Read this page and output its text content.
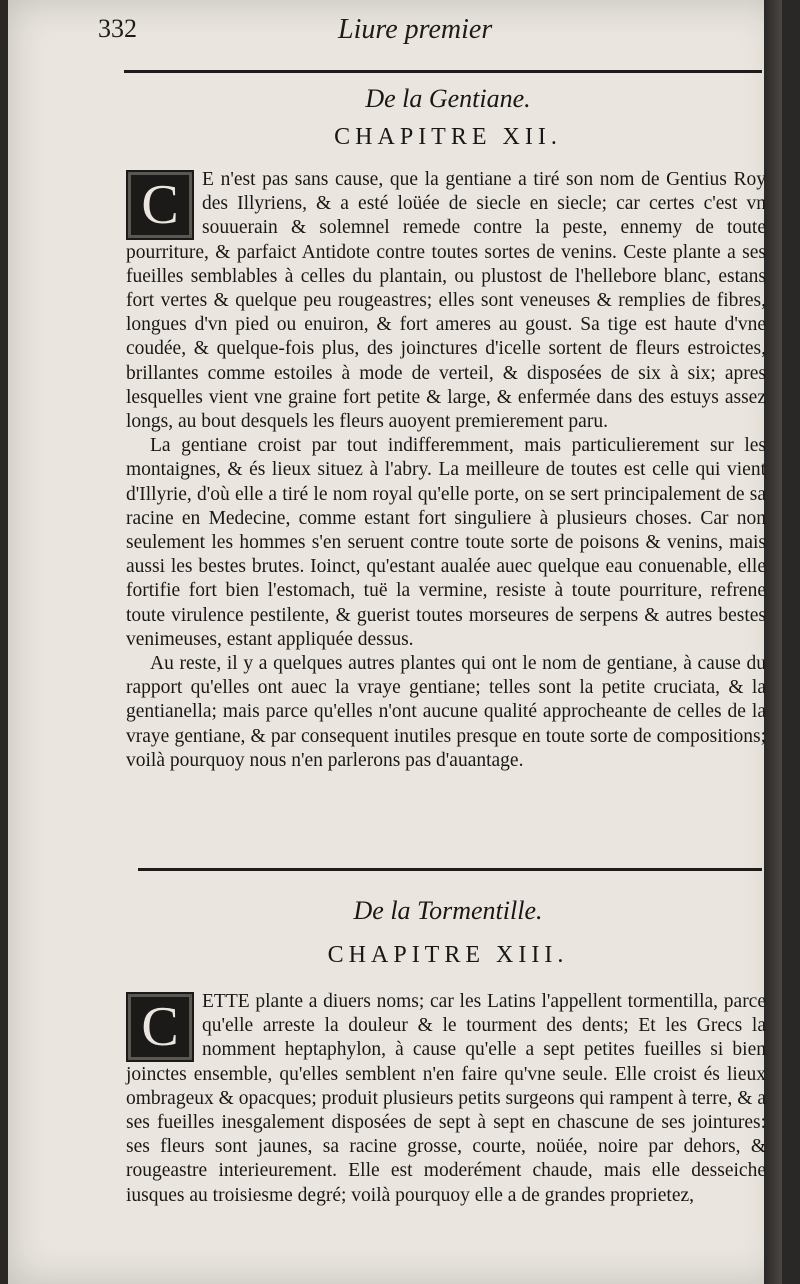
332	Liure premier
De la Gentiane.
CHAPITRE XII.

C	E n'est pas sans cause, que la gentiane a tiré son nom de Gentius Roy des Illyriens, & a esté loüée de siecle en siecle; car certes c'est vn souuerain & solemnel remede contre la peste, ennemy de toute pourriture, & parfaict Antidote contre toutes sortes de venins. Ceste plante a ses fueilles semblables à celles du plantain, ou plustost de l'hellebore blanc, estans fort vertes & quelque peu rougeastres; elles sont veneuses & remplies de fibres, longues d'vn pied ou enuiron, & fort ameres au goust. Sa tige est haute d'vne coudée, & quelque-fois plus, des joinctures d'icelle sortent de fleurs estroictes, brillantes comme estoiles à mode de verteil, & disposées de six à six; apres lesquelles vient vne graine fort petite & large, & enfermée dans des estuys assez longs, au bout desquels les fleurs auoyent premierement paru.

La gentiane croist par tout indifferemment, mais particulierement sur les montaignes, & és lieux situez à l'abry. La meilleure de toutes est celle qui vient d'Illyrie, d'où elle a tiré le nom royal qu'elle porte, on se sert principalement de sa racine en Medecine, comme estant fort singuliere à plusieurs choses. Car non seulement les hommes s'en seruent contre toute sorte de poisons & venins, mais aussi les bestes brutes. Ioinct, qu'estant aualée auec quelque eau conuenable, elle fortifie fort bien l'estomach, tuë la vermine, resiste à toute pourriture, refrene toute virulence pestilente, & guerist toutes morseures de serpens & autres bestes venimeuses, estant appliquée dessus.

Au reste, il y a quelques autres plantes qui ont le nom de gentiane, à cause du rapport qu'elles ont auec la vraye gentiane; telles sont la petite cruciata, & la gentianella; mais parce qu'elles n'ont aucune qualité approcheante de celles de la vraye gentiane, & par consequent inutiles presque en toute sorte de compositions; voilà pourquoy nous n'en parlerons pas d'auantage.

De la Tormentille.
CHAPITRE XIII.

C	ETTE plante a diuers noms; car les Latins l'appellent tormentilla, parce qu'elle arreste la douleur & le tourment des dents; Et les Grecs la nomment heptaphylon, à cause qu'elle a sept petites fueilles si bien joinctes ensemble, qu'elles semblent n'en faire qu'vne seule. Elle croist és lieux ombrageux & opacques; produit plusieurs petits surgeons qui rampent à terre, & a ses fueilles inesgalement disposées de sept à sept en chascune de ses jointures: ses fleurs sont jaunes, sa racine grosse, courte, noüée, noire par dehors, & rougeastre interieurement. Elle est moderément chaude, mais elle desseiche iusques au troisiesme degré; voilà pourquoy elle a de grandes proprietez,
